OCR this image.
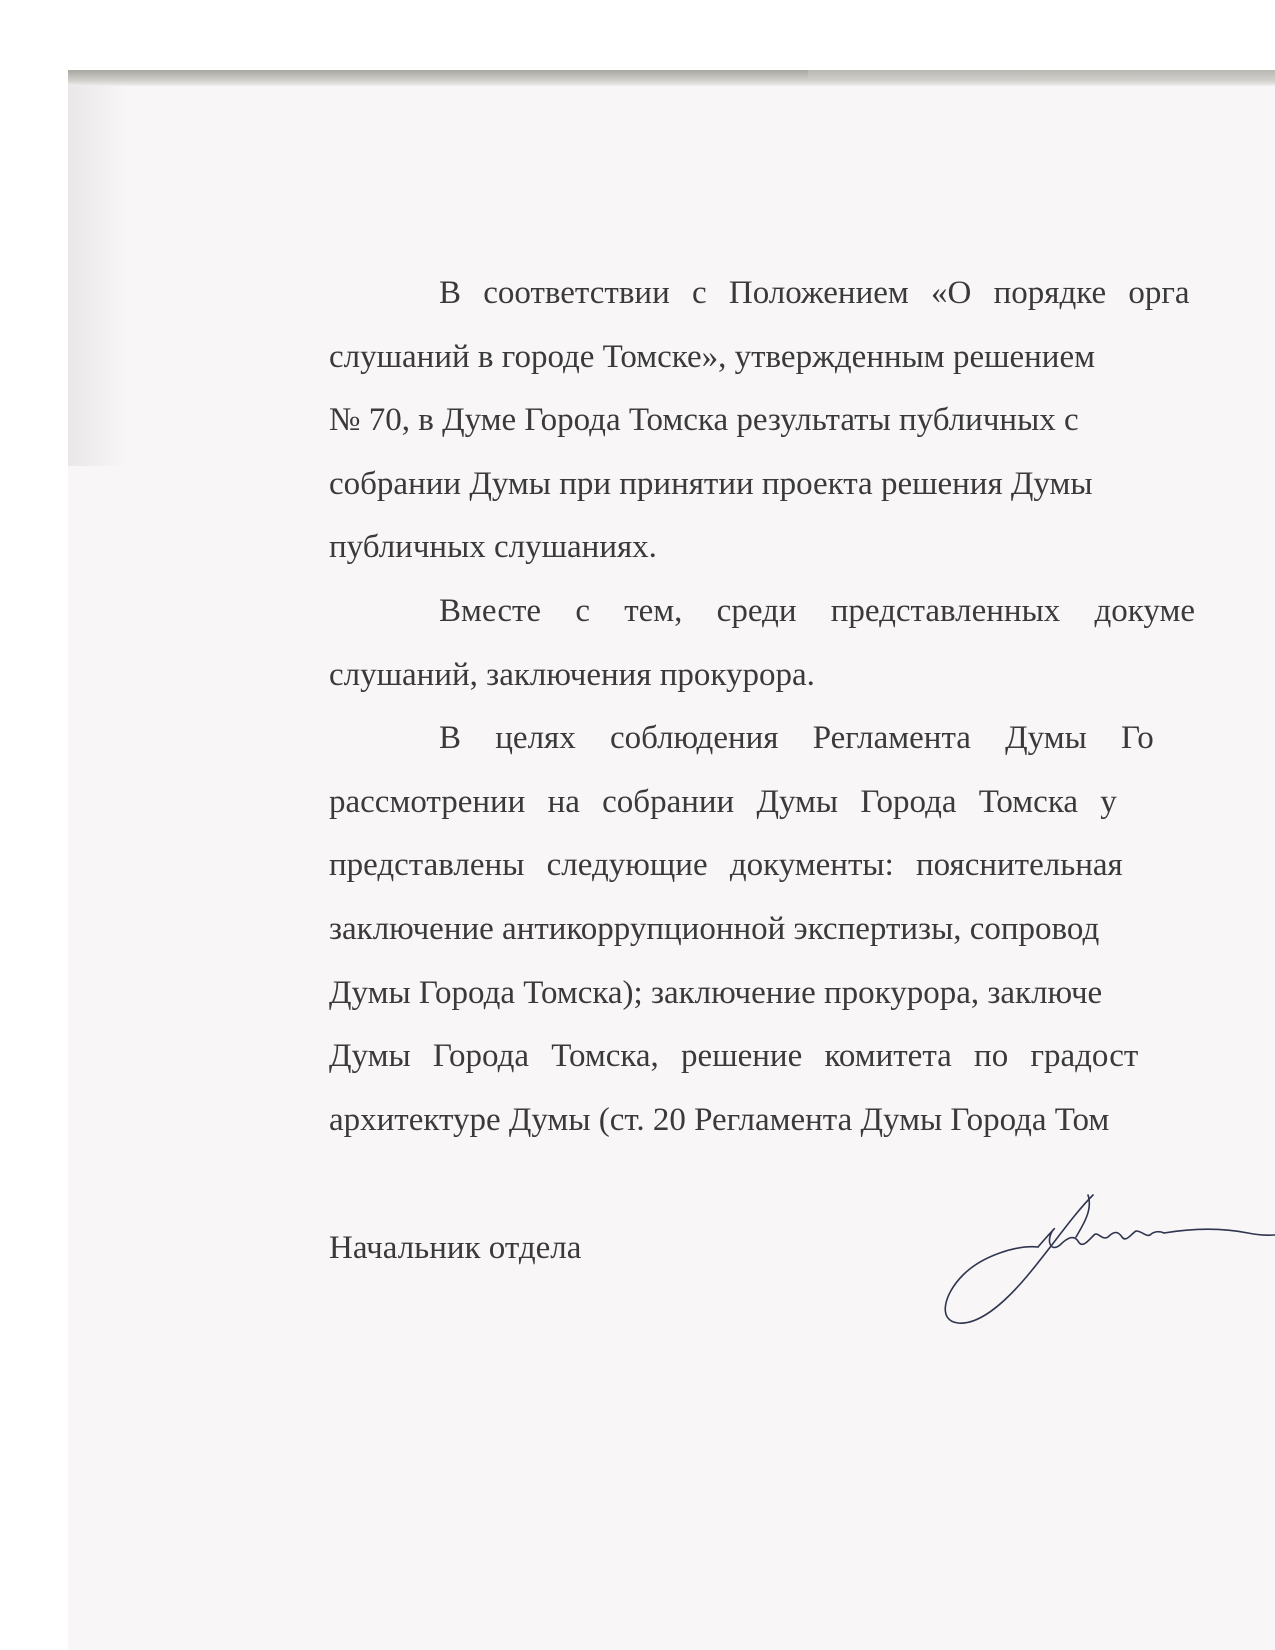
В соответствии с Положением «О порядке орга
слушаний в городе Томске», утвержденным решением
№ 70, в Думе Города Томска результаты публичных с
собрании Думы при принятии проекта решения Думы
публичных слушаниях.
Вместе с тем, среди представленных докуме
слушаний, заключения прокурора.
В целях соблюдения Регламента Думы Го
рассмотрении на собрании Думы Города Томска у
представлены следующие документы: пояснительная
заключение антикоррупционной экспертизы, сопровод
Думы Города Томска); заключение прокурора, заключе
Думы Города Томска, решение комитета по градост
архитектуре Думы (ст. 20 Регламента Думы Города Том
Начальник отдела
